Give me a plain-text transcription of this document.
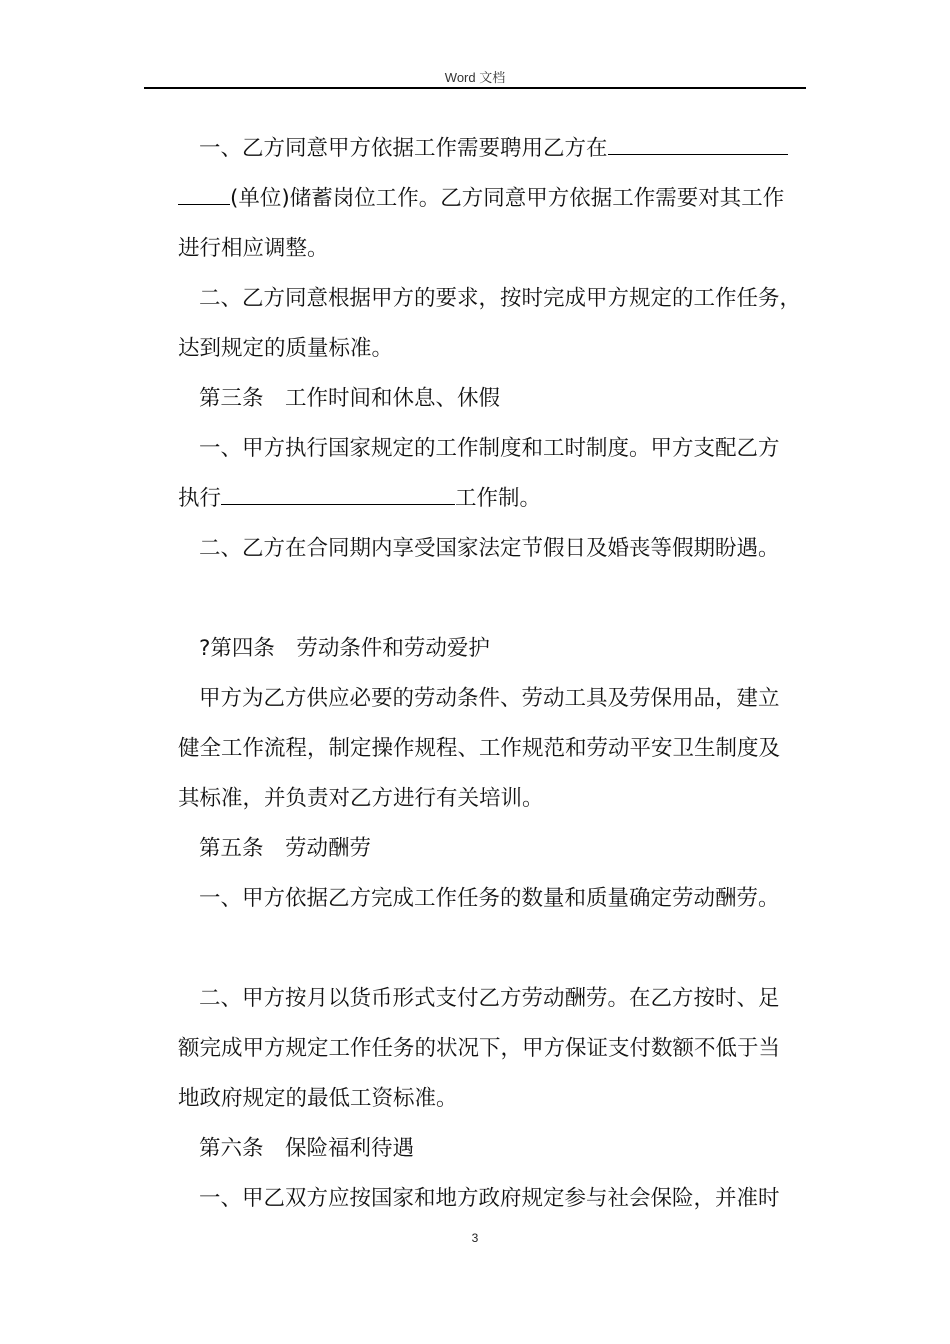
Word 文档
一、乙方同意甲方依据工作需要聘用乙方在
(单位)储蓄岗位工作。乙方同意甲方依据工作需要对其工作
进行相应调整。
二、乙方同意根据甲方的要求，按时完成甲方规定的工作任务，
达到规定的质量标准。
第三条　工作时间和休息、休假
一、甲方执行国家规定的工作制度和工时制度。甲方支配乙方
执行	工作制。
二、乙方在合同期内享受国家法定节假日及婚丧等假期盼遇。
?第四条　劳动条件和劳动爱护
甲方为乙方供应必要的劳动条件、劳动工具及劳保用品，建立
健全工作流程，制定操作规程、工作规范和劳动平安卫生制度及
其标准，并负责对乙方进行有关培训。
第五条　劳动酬劳
一、甲方依据乙方完成工作任务的数量和质量确定劳动酬劳。
二、甲方按月以货币形式支付乙方劳动酬劳。在乙方按时、足
额完成甲方规定工作任务的状况下，甲方保证支付数额不低于当
地政府规定的最低工资标准。
第六条　保险福利待遇
一、甲乙双方应按国家和地方政府规定参与社会保险，并准时
3
